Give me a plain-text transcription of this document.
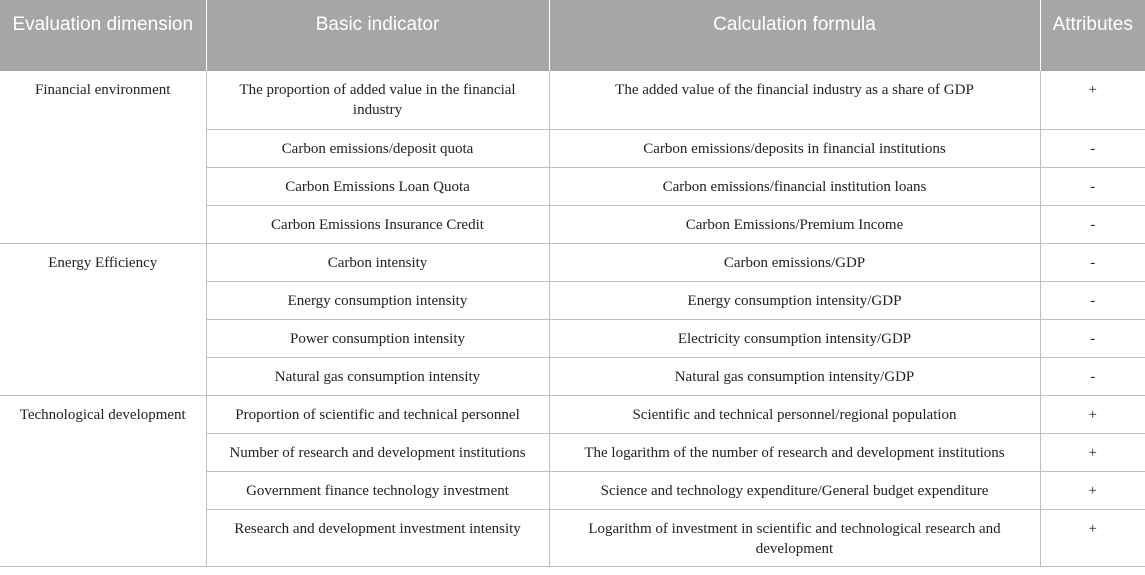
Evaluation dimension	Basic indicator	Calculation formula	Attributes
Financial environment	The proportion of added value in the financial industry	The added value of the financial industry as a share of GDP	+
	Carbon emissions/deposit quota	Carbon emissions/deposits in financial institutions	-
	Carbon Emissions Loan Quota	Carbon emissions/financial institution loans	-
	Carbon Emissions Insurance Credit	Carbon Emissions/Premium Income	-
Energy Efficiency	Carbon intensity	Carbon emissions/GDP	-
	Energy consumption intensity	Energy consumption intensity/GDP	-
	Power consumption intensity	Electricity consumption intensity/GDP	-
	Natural gas consumption intensity	Natural gas consumption intensity/GDP	-
Technological development	Proportion of scientific and technical personnel	Scientific and technical personnel/regional population	+
	Number of research and development institutions	The logarithm of the number of research and development institutions	+
	Government finance technology investment	Science and technology expenditure/General budget expenditure	+
	Research and development investment intensity	Logarithm of investment in scientific and technological research and development	+
